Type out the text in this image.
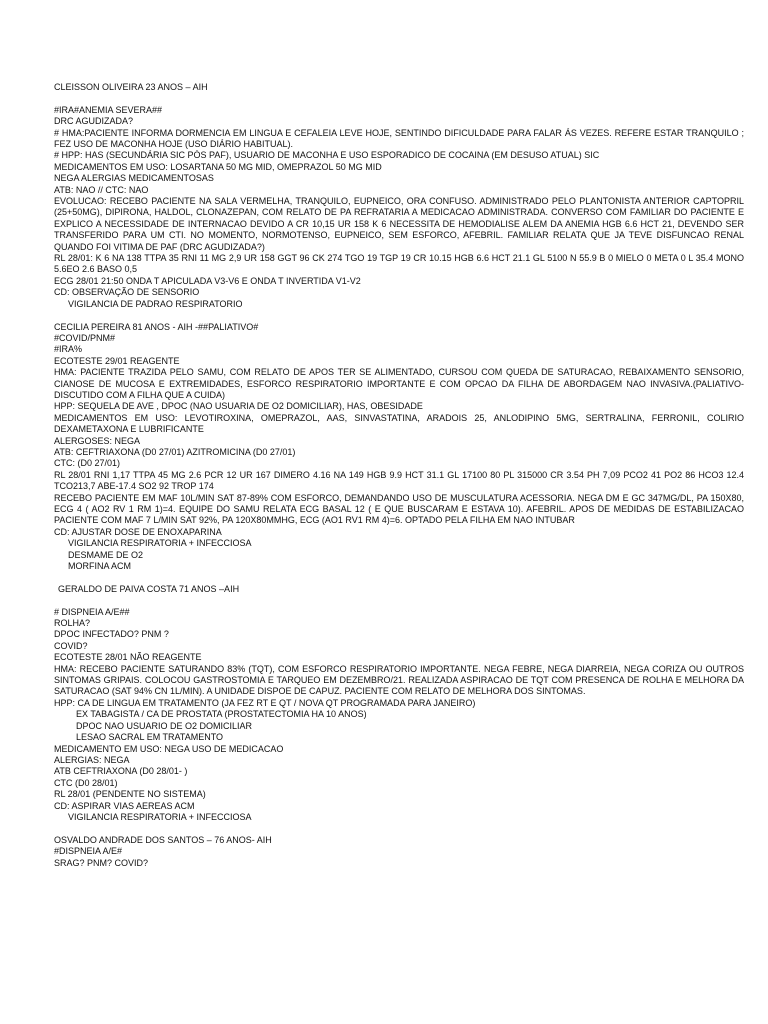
CLEISSON OLIVEIRA 23 ANOS – AIH
#IRA#ANEMIA SEVERA##
DRC AGUDIZADA?
# HMA:PACIENTE INFORMA DORMENCIA EM LINGUA E CEFALEIA LEVE HOJE, SENTINDO DIFICULDADE PARA FALAR ÁS VEZES. REFERE ESTAR TRANQUILO ; FEZ USO DE MACONHA HOJE (USO DIÁRIO HABITUAL).
# HPP: HAS (SECUNDÁRIA SIC PÓS PAF), USUARIO DE MACONHA E USO ESPORADICO DE COCAINA (EM DESUSO ATUAL) SIC
MEDICAMENTOS EM USO: LOSARTANA 50 MG MID, OMEPRAZOL 50 MG MID
NEGA ALERGIAS MEDICAMENTOSAS
ATB: NAO // CTC: NAO
EVOLUCAO: RECEBO PACIENTE NA SALA VERMELHA, TRANQUILO, EUPNEICO, ORA CONFUSO. ADMINISTRADO PELO PLANTONISTA ANTERIOR CAPTOPRIL (25+50MG), DIPIRONA, HALDOL, CLONAZEPAN, COM RELATO DE PA REFRATARIA A MEDICACAO ADMINISTRADA. CONVERSO COM FAMILIAR DO PACIENTE E EXPLICO A NECESSIDADE DE INTERNACAO DEVIDO A CR 10,15 UR 158 K 6 NECESSITA DE HEMODIALISE ALEM DA ANEMIA HGB 6.6 HCT 21, DEVENDO SER TRANSFERIDO PARA UM CTI. NO MOMENTO, NORMOTENSO, EUPNEICO, SEM ESFORCO, AFEBRIL. FAMILIAR RELATA QUE JA TEVE DISFUNCAO RENAL QUANDO FOI VITIMA DE PAF (DRC AGUDIZADA?)
RL 28/01: K 6 NA 138 TTPA 35 RNI 11 MG 2,9 UR 158 GGT 96 CK 274 TGO 19 TGP 19 CR 10.15 HGB 6.6 HCT 21.1 GL 5100 N 55.9 B 0 MIELO 0 META 0 L 35.4 MONO 5.6EO 2.6 BASO 0,5
ECG 28/01 21:50 ONDA T APICULADA V3-V6 E ONDA T INVERTIDA V1-V2
CD: OBSERVAÇÃO DE SENSORIO
VIGILANCIA DE PADRAO RESPIRATORIO
CECILIA PEREIRA 81 ANOS - AIH -##PALIATIVO#
#COVID/PNM#
#IRA%
ECOTESTE 29/01 REAGENTE
HMA: PACIENTE TRAZIDA PELO SAMU, COM RELATO DE APOS TER SE ALIMENTADO, CURSOU COM QUEDA DE SATURACAO, REBAIXAMENTO SENSORIO, CIANOSE DE MUCOSA E EXTREMIDADES, ESFORCO RESPIRATORIO IMPORTANTE E COM OPCAO DA FILHA DE ABORDAGEM NAO INVASIVA.(PALIATIVO-DISCUTIDO COM A FILHA QUE A CUIDA)
HPP: SEQUELA DE AVE , DPOC (NAO USUARIA DE O2 DOMICILIAR), HAS, OBESIDADE
MEDICAMENTOS EM USO: LEVOTIROXINA, OMEPRAZOL, AAS, SINVASTATINA, ARADOIS 25, ANLODIPINO 5MG, SERTRALINA, FERRONIL, COLIRIO DEXAMETAXONA E LUBRIFICANTE
ALERGOSES: NEGA
ATB: CEFTRIAXONA (D0 27/01) AZITROMICINA (D0 27/01)
CTC: (D0 27/01)
RL 28/01 RNI 1,17 TTPA 45 MG 2.6 PCR 12 UR 167 DIMERO 4.16 NA 149 HGB 9.9 HCT 31.1 GL 17100 80 PL 315000 CR 3.54 PH 7,09 PCO2 41 PO2 86 HCO3 12.4 TCO213,7 ABE-17.4 SO2 92 TROP 174
RECEBO PACIENTE EM MAF 10L/MIN SAT 87-89% COM ESFORCO, DEMANDANDO USO DE MUSCULATURA ACESSORIA. NEGA DM E GC 347MG/DL, PA 150X80, ECG 4 ( AO2 RV 1 RM 1)=4. EQUIPE DO SAMU RELATA ECG BASAL 12 ( E QUE BUSCARAM E ESTAVA 10). AFEBRIL. APOS DE MEDIDAS DE ESTABILIZACAO PACIENTE COM MAF 7 L/MIN SAT 92%, PA 120X80MMHG, ECG (AO1 RV1 RM 4)=6. OPTADO PELA FILHA EM NAO INTUBAR
CD: AJUSTAR DOSE DE ENOXAPARINA
VIGILANCIA RESPIRATORIA + INFECCIOSA
DESMAME DE O2
MORFINA ACM
GERALDO DE PAIVA COSTA 71 ANOS –AIH
# DISPNEIA A/E##
ROLHA?
DPOC INFECTADO? PNM ?
COVID?
ECOTESTE 28/01 NÃO REAGENTE
HMA: RECEBO PACIENTE SATURANDO 83% (TQT), COM ESFORCO RESPIRATORIO IMPORTANTE. NEGA FEBRE, NEGA DIARREIA, NEGA CORIZA OU OUTROS SINTOMAS GRIPAIS. COLOCOU GASTROSTOMIA E TARQUEO EM DEZEMBRO/21. REALIZADA ASPIRACAO DE TQT COM PRESENCA DE ROLHA E MELHORA DA SATURACAO (SAT 94% CN 1L/MIN). A UNIDADE DISPOE DE CAPUZ. PACIENTE COM RELATO DE MELHORA DOS SINTOMAS.
HPP: CA DE LINGUA EM TRATAMENTO (JA FEZ RT E QT / NOVA QT PROGRAMADA PARA JANEIRO)
EX TABAGISTA / CA DE PROSTATA (PROSTATECTOMIA HA 10 ANOS)
DPOC NAO USUARIO DE O2 DOMICILIAR
LESAO SACRAL EM TRATAMENTO
MEDICAMENTO EM USO: NEGA USO DE MEDICACAO
ALERGIAS: NEGA
ATB CEFTRIAXONA (D0 28/01- )
CTC (D0 28/01)
RL 28/01 (PENDENTE NO SISTEMA)
CD: ASPIRAR VIAS AEREAS ACM
VIGILANCIA RESPIRATORIA + INFECCIOSA
OSVALDO ANDRADE DOS SANTOS – 76 ANOS- AIH
#DISPNEIA A/E#
SRAG? PNM? COVID?
